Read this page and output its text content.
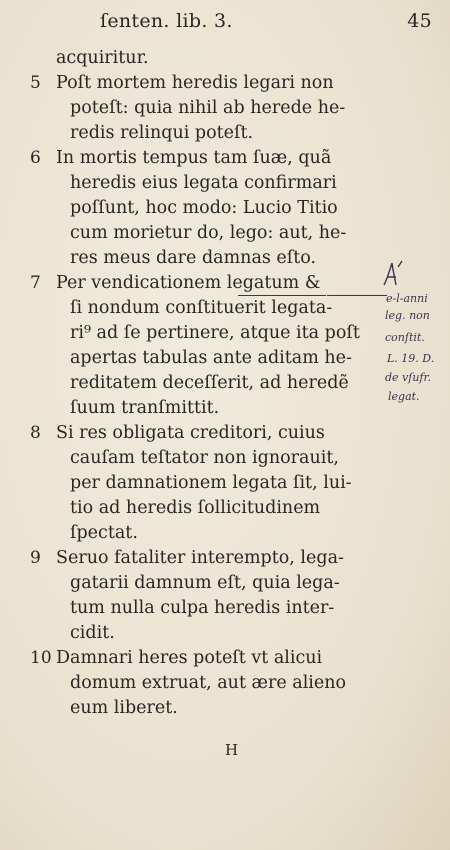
ſenten. lib. 3.	45
acquiritur.
5 Poſt mortem heredis legari non
poteſt: quia nihil ab herede he-
redis relinqui poteſt.
6 In mortis tempus tam ſuæ, quã
heredis eius legata confirmari
poſſunt, hoc modo: Lucio Titio
cum morietur do, lego: aut, he-
res meus dare damnas eſto.
7 Per vendicationem legatum &
ſi nondum conſtituerit legata-
ri⁹ ad ſe pertinere, atque ita poſt
apertas tabulas ante aditam he-
reditatem deceſſerit, ad heredẽ
ſuum tranſmittit.
8 Si res obligata creditori, cuius
cauſam teſtator non ignorauit,
per damnationem legata ſit, lui-
tio ad heredis ſollicitudinem
ſpectat.
9 Seruo fataliter interempto, lega-
gatarii damnum eſt, quia lega-
tum nulla culpa heredis inter-
cidit.
10 Damnari heres poteſt vt alicui
domum extruat, aut ære alieno
eum liberet.
e-l-anni
leg. non
conſtit.
L. 19. D.
de vſufr.
legat.
H
